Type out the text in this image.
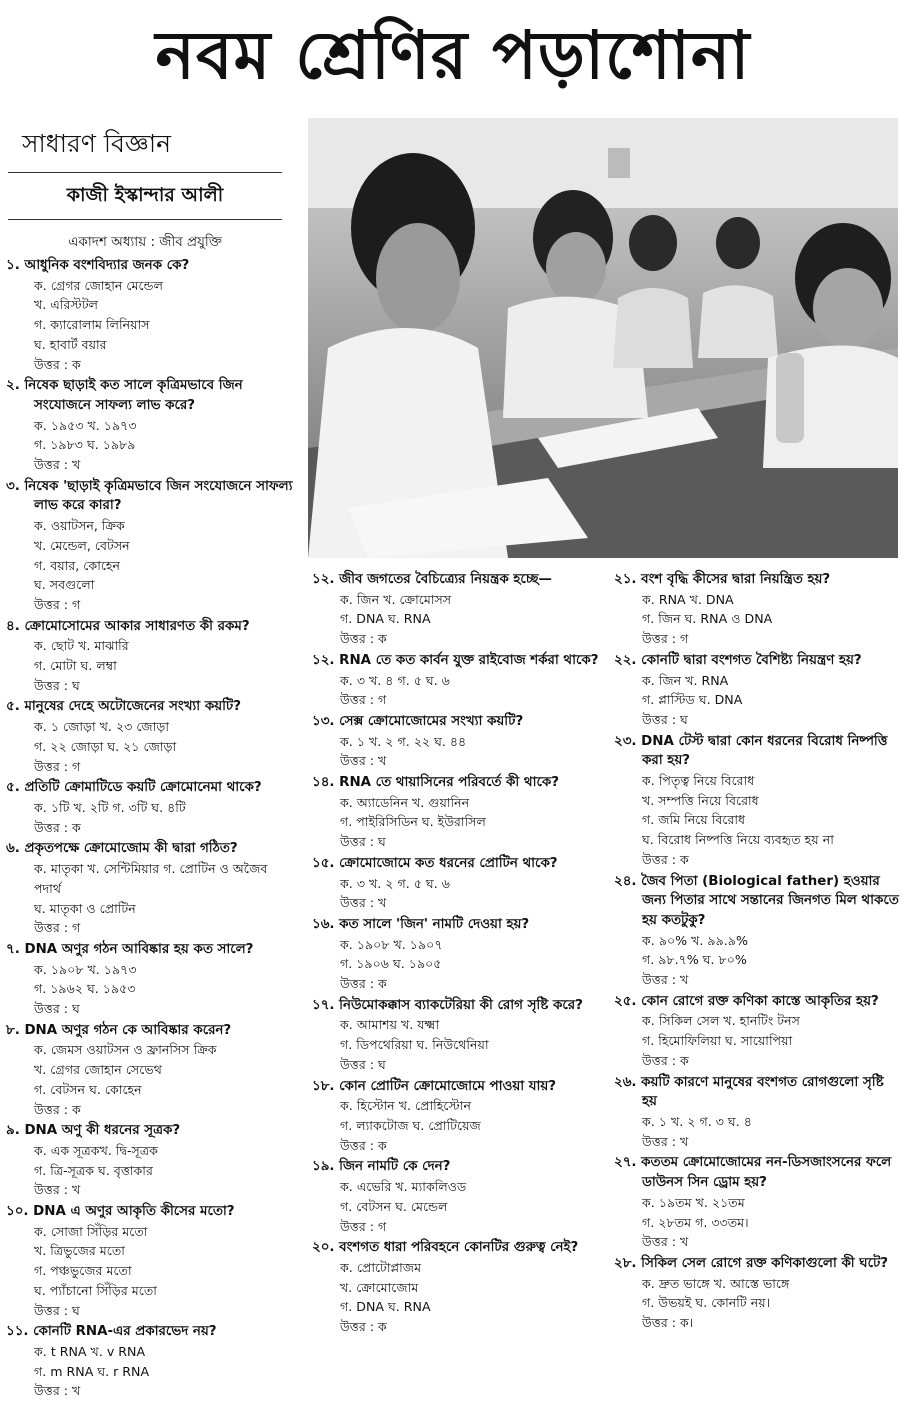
নবম শ্রেণির পড়াশোনা
সাধারণ বিজ্ঞান
কাজী ইস্কান্দার আলী
একাদশ অধ্যায় : জীব প্রযুক্তি
১. আধুনিক বংশবিদ্যার জনক কে?
ক. গ্রেগর জোহান মেন্ডেল
খ. এরিস্টটল
গ. ক্যারোলাম লিনিয়াস
ঘ. হাবার্ট বয়ার
উত্তর : ক
২. নিষেক ছাড়াই কত সালে কৃত্রিমভাবে জিন সংযোজনে সাফল্য লাভ করে?
ক. ১৯৫৩ খ. ১৯৭৩
গ. ১৯৮৩ ঘ. ১৯৮৯
উত্তর : খ
৩. নিষেক 'ছাড়াই কৃত্রিমভাবে জিন সংযোজনে সাফল্য লাভ করে কারা?
ক. ওয়াটসন, ক্রিক
খ. মেন্ডেল, বেটসন
গ. বয়ার, কোহেন
ঘ. সবগুলো
উত্তর : গ
৪. ক্রোমোসোমের আকার সাধারণত কী রকম?
ক. ছোট খ. মাঝারি
গ. মোটা ঘ. লম্বা
উত্তর : ঘ
৫. মানুষের দেহে অটোজেনের সংখ্যা কয়টি?
ক. ১ জোড়া খ. ২৩ জোড়া
গ. ২২ জোড়া ঘ. ২১ জোড়া
উত্তর : গ
৫. প্রতিটি ক্রোমাটিডে কয়টি ক্রোমোনেমা থাকে?
ক. ১টি খ. ২টি গ. ৩টি ঘ. ৪টি
উত্তর : ক
৬. প্রকৃতপক্ষে ক্রোমোজোম কী দ্বারা গঠিত?
ক. মাতৃকা খ. সেন্টিমিয়ার গ. প্রোটিন ও অজৈব পদার্থ
ঘ. মাতৃকা ও প্রোটিন
উত্তর : গ
৭. DNA অণুর গঠন আবিষ্কার হয় কত সালে?
ক. ১৯০৮ খ. ১৯৭৩
গ. ১৯৬২ ঘ. ১৯৫৩
উত্তর : ঘ
৮. DNA অণুর গঠন কে আবিষ্কার করেন?
ক. জেমস ওয়াটসন ও ফ্রানসিস ক্রিক
খ. গ্রেগর জোহান সেভেথ
গ. বেটসন ঘ. কোহেন
উত্তর : ক
৯. DNA অণু কী ধরনের সূত্রক?
ক. এক সূত্রকখ. দ্বি-সূত্রক
গ. ত্রি-সূত্রক ঘ. বৃত্তাকার
উত্তর : খ
১০. DNA এ অণুর আকৃতি কীসের মতো?
ক. সোজা সিঁড়ির মতো
খ. ত্রিভুজের মতো
গ. পঞ্চভুজের মতো
ঘ. প্যাঁচানো সিঁড়ির মতো
উত্তর : ঘ
১১. কোনটি RNA-এর প্রকারভেদ নয়?
ক. t RNA খ. v RNA
গ. m RNA ঘ. r RNA
উত্তর : খ
১২. জীব জগতের বৈচিত্র্যের নিয়ন্ত্রক হচ্ছে—
ক. জিন খ. ক্রোমোসস
গ. DNA ঘ. RNA
উত্তর : ক
১২. RNA তে কত কার্বন যুক্ত রাইবোজ শর্করা থাকে?
ক. ৩ খ. ৪ গ. ৫ ঘ. ৬
উত্তর : গ
১৩. সেক্স ক্রোমোজোমের সংখ্যা কয়টি?
ক. ১ খ. ২ গ. ২২ ঘ. ৪৪
উত্তর : খ
১৪. RNA তে থায়াসিনের পরিবর্তে কী থাকে?
ক. অ্যাডেনিন খ. গুয়ানিন
গ. পাইরিসিডিন ঘ. ইউরাসিল
উত্তর : ঘ
১৫. ক্রোমোজোমে কত ধরনের প্রোটিন থাকে?
ক. ৩ খ. ২ গ. ৫ ঘ. ৬
উত্তর : খ
১৬. কত সালে 'জিন' নামটি দেওয়া হয়?
ক. ১৯০৮ খ. ১৯০৭
গ. ১৯০৬ ঘ. ১৯০৫
উত্তর : ক
১৭. নিউমোকক্কাস ব্যাকটেরিয়া কী রোগ সৃষ্টি করে?
ক. আমাশয় খ. যক্ষ্মা
গ. ডিপথেরিয়া ঘ. নিউথেনিয়া
উত্তর : ঘ
১৮. কোন প্রোটিন ক্রোমোজোমে পাওয়া যায়?
ক. হিস্টোন খ. প্রোহিস্টোন
গ. ল্যাকটোজ ঘ. প্রোটিয়েজ
উত্তর : ক
১৯. জিন নামটি কে দেন?
ক. এভেরি খ. ম্যাকলিওড
গ. বেটসন ঘ. মেন্ডেল
উত্তর : গ
২০. বংশগত ধারা পরিবহনে কোনটির গুরুত্ব নেই?
ক. প্রোটোপ্লাজম
খ. ক্রোমোজোম
গ. DNA ঘ. RNA
উত্তর : ক
২১. বংশ বৃদ্ধি কীসের দ্বারা নিয়ন্ত্রিত হয়?
ক. RNA খ. DNA
গ. জিন ঘ. RNA ও DNA
উত্তর : গ
২২. কোনটি দ্বারা বংশগত বৈশিষ্ট্য নিয়ন্ত্রণ হয়?
ক. জিন খ. RNA
গ. প্লাস্টিড ঘ. DNA
উত্তর : ঘ
২৩. DNA টেস্ট দ্বারা কোন ধরনের বিরোধ নিষ্পত্তি করা হয়?
ক. পিতৃত্ব নিয়ে বিরোধ
খ. সম্পত্তি নিয়ে বিরোধ
গ. জমি নিয়ে বিরোধ
ঘ. বিরোধ নিষ্পত্তি নিয়ে ব্যবহৃত হয় না
উত্তর : ক
২৪. জৈব পিতা (Biological father) হওয়ার জন্য পিতার সাথে সন্তানের জিনগত মিল থাকতে হয় কতটুকু?
ক. ৯০% খ. ৯৯.৯%
গ. ৯৮.৭% ঘ. ৮০%
উত্তর : খ
২৫. কোন রোগে রক্ত কণিকা কাস্তে আকৃতির হয়?
ক. সিকিল সেল খ. হানটিং টনস
গ. হিমোফিলিয়া ঘ. সায়োপিয়া
উত্তর : ক
২৬. কয়টি কারণে মানুষের বংশগত রোগগুলো সৃষ্টি হয়
ক. ১ খ. ২ গ. ৩ ঘ. ৪
উত্তর : খ
২৭. কততম ক্রোমোজোমের নন-ডিসজাংসনের ফলে ডাউনস সিন ড্রোম হয়?
ক. ১৯তম খ. ২১তম
গ. ২৮তম গ. ৩৩তম।
উত্তর : খ
২৮. সিকিল সেল রোগে রক্ত কণিকাগুলো কী ঘটে?
ক. দ্রুত ভাঙ্গে খ. আস্তে ভাঙ্গে
গ. উভয়ই ঘ. কোনটি নয়।
উত্তর : ক।
